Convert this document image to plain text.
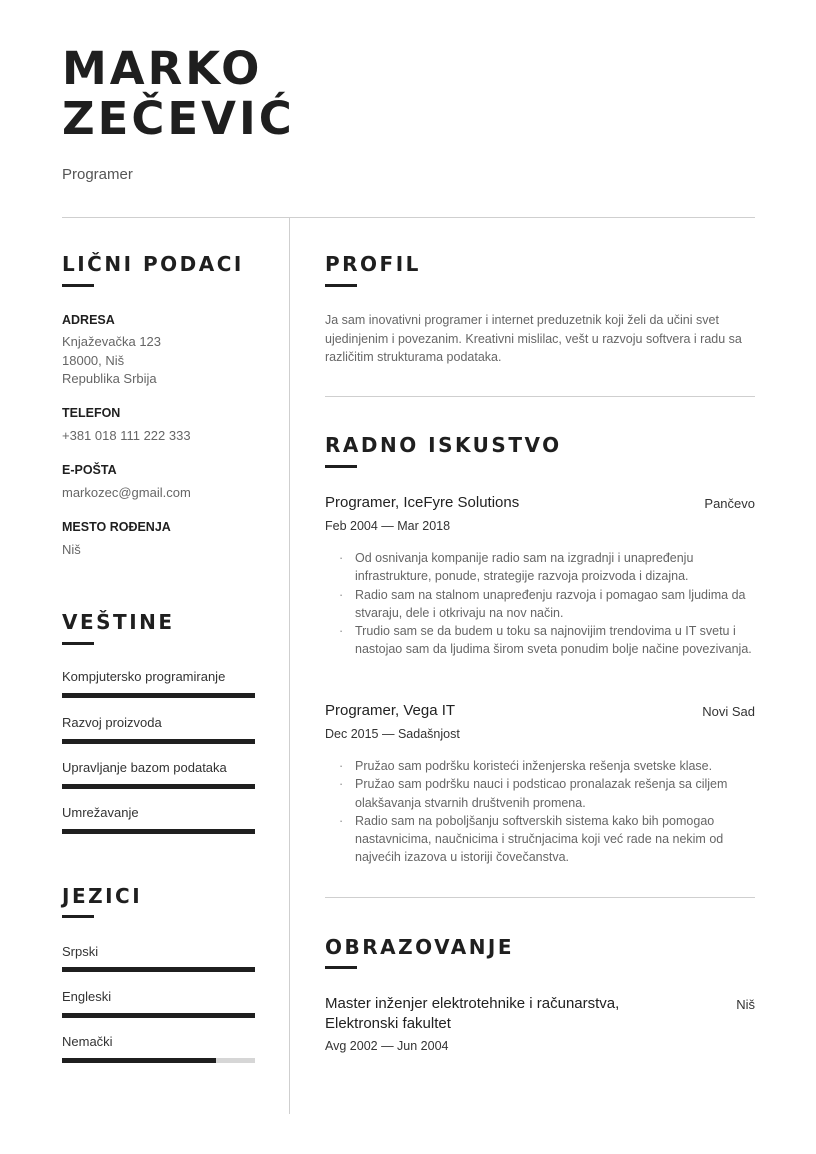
MARKO
ZEČEVIĆ
Programer
LIČNI PODACI
ADRESA
Knjaževačka 123
18000, Niš
Republika Srbija
TELEFON
+381 018 111 222 333
E-POŠTA
markozec@gmail.com
MESTO ROĐENJA
Niš
VEŠTINE
Kompjutersko programiranje
Razvoj proizvoda
Upravljanje bazom podataka
Umrežavanje
JEZICI
Srpski
Engleski
Nemački
PROFIL
Ja sam inovativni programer i internet preduzetnik koji želi da učini svet ujedinjenim i povezanim. Kreativni mislilac, vešt u razvoju softvera i radu sa različitim strukturama podataka.
RADNO ISKUSTVO
Programer, IceFyre Solutions	Pančevo
Feb 2004 — Mar 2018
· Od osnivanja kompanije radio sam na izgradnji i unapređenju infrastrukture, ponude, strategije razvoja proizvoda i dizajna.
· Radio sam na stalnom unapređenju razvoja i pomagao sam ljudima da stvaraju, dele i otkrivaju na nov način.
· Trudio sam se da budem u toku sa najnovijim trendovima u IT svetu i nastojao sam da ljudima širom sveta ponudim bolje načine povezivanja.
Programer, Vega IT	Novi Sad
Dec 2015 — Sadašnjost
· Pružao sam podršku koristeći inženjerska rešenja svetske klase.
· Pružao sam podršku nauci i podsticao pronalazak rešenja sa ciljem olakšavanja stvarnih društvenih promena.
· Radio sam na poboljšanju softverskih sistema kako bih pomogao nastavnicima, naučnicima i stručnjacima koji već rade na nekim od najvećih izazova u istoriji čovečanstva.
OBRAZOVANJE
Master inženjer elektrotehnike i računarstva,
Elektronski fakultet
Niš
Avg 2002 — Jun 2004
